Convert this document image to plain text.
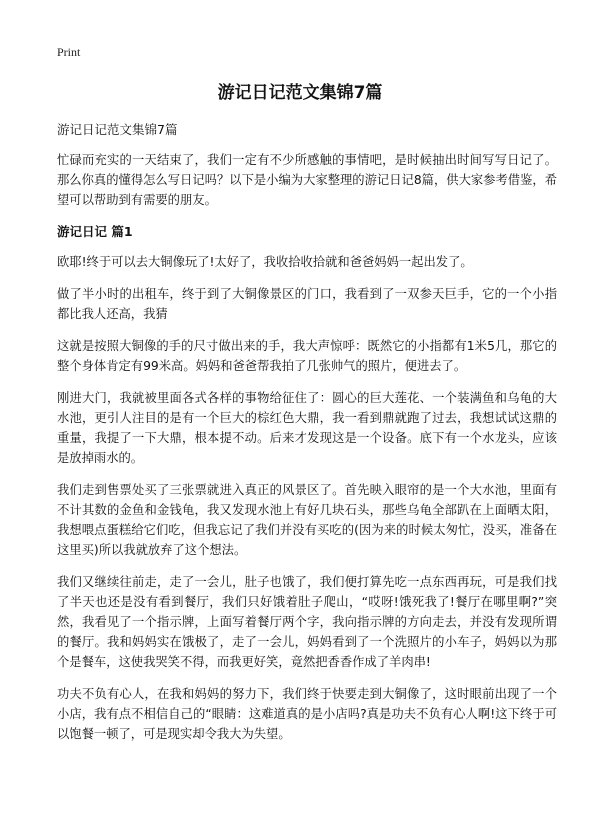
Print
游记日记范文集锦7篇

游记日记范文集锦7篇

忙碌而充实的一天结束了，我们一定有不少所感触的事情吧，是时候抽出时间写写日记了。那么你真的懂得怎么写日记吗？以下是小编为大家整理的游记日记8篇，供大家参考借鉴，希望可以帮助到有需要的朋友。

游记日记 篇1

欧耶!终于可以去大铜像玩了!太好了，我收拾收拾就和爸爸妈妈一起出发了。

做了半小时的出租车，终于到了大铜像景区的门口，我看到了一双参天巨手，它的一个小指都比我人还高，我猜

这就是按照大铜像的手的尺寸做出来的手，我大声惊呼：既然它的小指都有1米5几，那它的整个身体肯定有99米高。妈妈和爸爸帮我拍了几张帅气的照片，便进去了。

刚进大门，我就被里面各式各样的事物给征住了：圆心的巨大莲花、一个装满鱼和乌龟的大水池，更引人注目的是有一个巨大的棕红色大鼎，我一看到鼎就跑了过去，我想试试这鼎的重量，我提了一下大鼎，根本提不动。后来才发现这是一个设备。底下有一个水龙头，应该是放掉雨水的。

我们走到售票处买了三张票就进入真正的风景区了。首先映入眼帘的是一个大水池，里面有不计其数的金鱼和金钱龟，我又发现水池上有好几块石头，那些乌龟全部趴在上面晒太阳，我想喂点蛋糕给它们吃，但我忘记了我们并没有买吃的(因为来的时候太匆忙，没买，准备在这里买)所以我就放弃了这个想法。

我们又继续往前走，走了一会儿，肚子也饿了，我们便打算先吃一点东西再玩，可是我们找了半天也还是没有看到餐厅，我们只好饿着肚子爬山，“哎呀!饿死我了!餐厅在哪里啊?”突然，我看见了一个指示牌，上面写着餐厅两个字，我向指示牌的方向走去，并没有发现所谓的餐厅。我和妈妈实在饿极了，走了一会儿，妈妈看到了一个洗照片的小车子，妈妈以为那个是餐车，这使我哭笑不得，而我更好笑，竟然把香香作成了羊肉串!

功夫不负有心人，在我和妈妈的努力下，我们终于快要走到大铜像了，这时眼前出现了一个小店，我有点不相信自己的“眼睛：这难道真的是小店吗?真是功夫不负有心人啊!这下终于可以饱餐一顿了，可是现实却令我大为失望。
